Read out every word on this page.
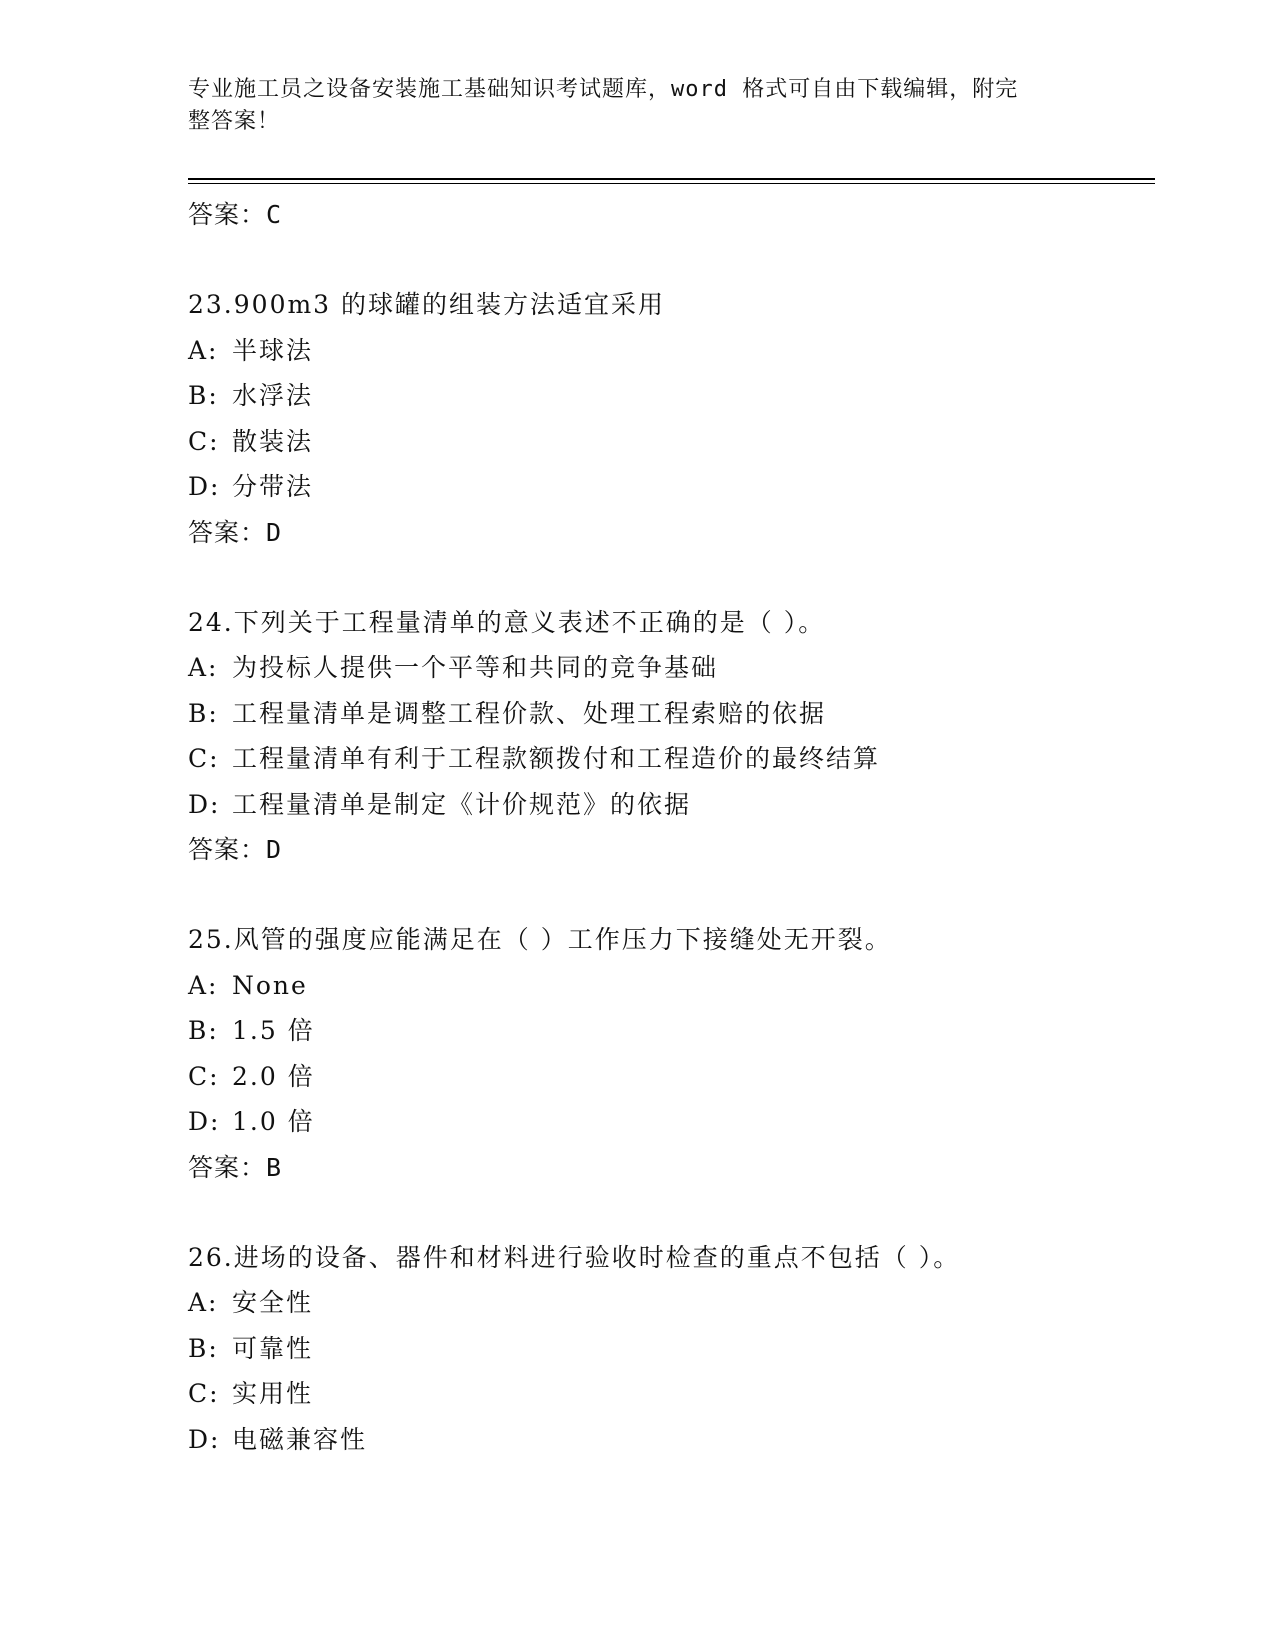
专业施工员之设备安装施工基础知识考试题库，word 格式可自由下载编辑，附完
整答案！
答案：C
23.900m3 的球罐的组装方法适宜采用
A: 半球法
B: 水浮法
C: 散装法
D: 分带法
答案：D
24.下列关于工程量清单的意义表述不正确的是（ ）。
A: 为投标人提供一个平等和共同的竞争基础
B: 工程量清单是调整工程价款、处理工程索赔的依据
C: 工程量清单有利于工程款额拨付和工程造价的最终结算
D: 工程量清单是制定《计价规范》的依据
答案：D
25.风管的强度应能满足在（ ）工作压力下接缝处无开裂。
A: None
B: 1.5 倍
C: 2.0 倍
D: 1.0 倍
答案：B
26.进场的设备、器件和材料进行验收时检查的重点不包括（ ）。
A: 安全性
B: 可靠性
C: 实用性
D: 电磁兼容性
